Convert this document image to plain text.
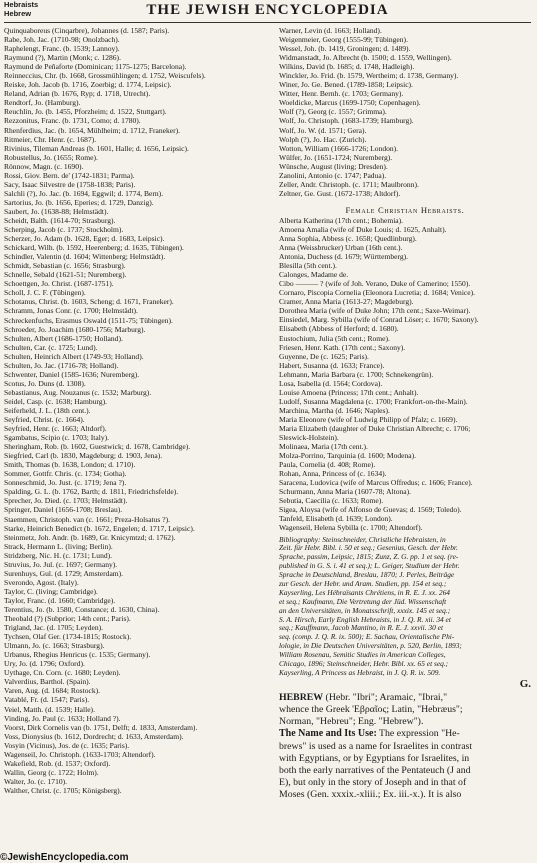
Hebraists
Hebrew	THE JEWISH ENCYCLOPEDIA
Quinquaboreus (Cinqarbre), Johannes (d. 1587; Paris).
Rabe, Joh. Jac. (1710-98; Onolzbach).
Raphelengt, Franc. (b. 1539; Lannoy).
Raymund (?), Martin (Monk; c. 1286).
Raymund de Peñaforte (Dominican; 1175-1275; Barcelona).
Reinneccius, Chr. (b. 1668, Grossmühlingen; d. 1752, Weiscufels).
Reiske, Joh. Jacob (b. 1716, Zoerbig; d. 1774, Leipsic).
Reland, Adrian (b. 1676, Ryp; d. 1718, Utrecht).
Rendtorf, Jo. (Hamburg).
Reuchlin, Jo. (b. 1455, Pforzheim; d. 1522, Stuttgart).
Rezzonitus, Franc. (b. 1731, Como; d. 1780).
Rhenferdius, Jac. (b. 1654, Mühlheim; d. 1712, Franeker).
Ritmeier, Chr. Henr. (c. 1687).
Rivinius, Tileman Andreas (b. 1601, Halle; d. 1656, Leipsic).
Robustellus, Jo. (1655; Rome).
Rönnow, Magn. (c. 1690).
Rossi, Giov. Bern. de' (1742-1831; Parma).
Sacy, Isaac Silvestre de (1758-1838; Paris).
Salchli (?), Jo. Jac. (b. 1694, Eggwil; d. 1774, Bern).
Sartorius, Jo. (b. 1656, Eperies; d. 1729, Danzig).
Saubert, Jo. (1638-88; Helmstädt).
Scheidt, Balth. (1614-70; Strasburg).
Scherping, Jacob (c. 1737; Stockholm).
Scherzer, Jo. Adam (b. 1628, Eger; d. 1683, Leipsic).
Schickard, Wilh. (b. 1592, Heerenberg; d. 1635, Tübingen).
Schindler, Valentin (d. 1604; Wittenberg; Helmstädt).
Schmidt, Sebastian (c. 1656; Strasburg).
Schnelle, Sebald (1621-51; Nuremberg).
Schoettgen, Jo. Christ. (1687-1751).
Scholl, J. C. F. (Tübingen).
Schotanus, Christ. (b. 1603, Scheng; d. 1671, Franeker).
Schramm, Jonas Conr. (c. 1700; Helmstädt).
Schreckenfuchs, Erasmus Oswald (1511-75; Tübingen).
Schroeder, Jo. Joachim (1680-1756; Marburg).
Schulten, Albert (1686-1750; Holland).
Schulten, Car. (c. 1725; Lund).
Schulten, Heinrich Albert (1749-93; Holland).
Schulten, Jo. Jac. (1716-78; Holland).
Schwenter, Daniel (1585-1636; Nuremberg).
Scotus, Jo. Duns (d. 1308).
Sebastianus, Aug. Nouzanus (c. 1532; Marburg).
Seidel, Casp. (c. 1638; Hamburg).
Seiferheld, J. L. (18th cent.).
Seyfried, Christ. (c. 1664).
Seyfried, Henr. (c. 1663; Altdorf).
Sgambatus, Scipio (c. 1703; Italy).
Sheringham, Rob. (b. 1602, Guestwick; d. 1678, Cambridge).
Siegfried, Carl (b. 1830, Magdeburg; d. 1903, Jena).
Smith, Thomas (b. 1638, London; d. 1710).
Sommer, Gottfr. Chris. (c. 1734; Gotha).
Sonneschmid, Jo. Just. (c. 1719; Jena ?).
Spalding, G. L. (b. 1762, Barth; d. 1811, Friedrichsfelde).
Sprecher, Jo. Died. (c. 1703; Helmstädt).
Springer, Daniel (1656-1708; Breslau).
Staemmen, Christoph. van (c. 1661; Preza-Holsatus ?).
Starke, Heinrich Benedict (b. 1672, Engelen; d. 1717, Leipsic).
Steinmetz, Joh. Andr. (b. 1689, Gr. Knicymtzd; d. 1762).
Strack, Hermann L. (living; Berlin).
Stridzberg, Nic. H. (c. 1731; Lund).
Struvius, Jo. Jul. (c. 1697; Germany).
Surenhuys, Gul. (d. 1729; Amsterdam).
Sverondo, Agost. (Italy).
Taylor, C. (living; Cambridge).
Taylor, Franc. (d. 1660; Cambridge).
Terentius, Jo. (b. 1580, Constance; d. 1630, China).
Theobald (?) (Subprior; 14th cent.; Paris).
Trigland, Jac. (d. 1705; Leyden).
Tychsen, Olaf Ger. (1734-1815; Rostock).
Ulmann, Jo. (c. 1663; Strasburg).
Urbanus, Rhegius Henricus (c. 1535; Germany).
Ury, Jo. (d. 1796; Oxford).
Uythage, Cn. Corn. (c. 1680; Leyden).
Valverdius, Barthol. (Spain).
Varen, Aug. (d. 1684; Rostock).
Vatablé, Fr. (d. 1547; Paris).
Veiel, Matth. (d. 1539; Halle).
Vinding, Jo. Paul (c. 1633; Holland ?).
Voorst, Dirk Cornelis van (b. 1751, Delft; d. 1833, Amsterdam).
Voss, Dionysius (b. 1612, Dordrecht; d. 1633, Amsterdam).
Vosyin (Vicinus), Jos. de (c. 1635; Paris).
Wagenseil, Jo. Christoph. (1633-1703; Altendorf).
Wakefield, Rob. (d. 1537; Oxford).
Wallin, Georg (c. 1722; Holm).
Walter, Jo. (c. 1710).
Walther, Christ. (c. 1705; Königsberg).
Warner, Levin (d. 1663; Holland).
Weigenmeier, Georg (1555-99; Tübingen).
Wessel, Joh. (b. 1419, Groningen; d. 1489).
Widmanstadt, Jo. Albrecht (b. 1500; d. 1559, Wellingen).
Wilkins, David (b. 1685; d. 1748, Hadleigh).
Winckler, Jo. Frid. (b. 1579, Wertheim; d. 1738, Germany).
Winer, Jo. Ge. Bened. (1789-1858; Leipsic).
Witter, Henr. Bernh. (c. 1703; Germany).
Woeldicke, Marcus (1699-1750; Copenhagen).
Wolf (?), Georg (c. 1557; Grimma).
Wolf, Jo. Christoph. (1683-1739; Hamburg).
Wolf, Jo. W. (d. 1571; Gera).
Wolph (?), Jo. Hac. (Zurich).
Wotton, William (1666-1726; London).
Wülfer, Jo. (1651-1724; Nuremberg).
Wünsche, August (living; Dresden).
Zanolini, Antonio (c. 1747; Padua).
Zeller, Andr. Christoph. (c. 1711; Maulbronn).
Zeltner, Ge. Gust. (1672-1738; Altdorf).
Female Christian Hebraists.
Alberta Katherina (17th cent.; Bohemia).
Amoena Amalia (wife of Duke Louis; d. 1625, Anhalt).
Anna Sophia, Abbess (c. 1658; Quedlinburg).
Anna (Weissbrucker) Urban (16th cent.).
Antonia, Duchess (d. 1679; Württemberg).
Blesilla (5th cent.).
Calonges, Madame de.
Cibo ——— ? (wife of Joh. Verano, Duke of Camerino; 1550).
Cornaro, Piscopia Cornelia (Eleonora Lucretia; d. 1684; Venice).
Cramer, Anna Maria (1613-27; Magdeburg).
Dorothea Maria (wife of Duke John; 17th cent.; Saxe-Weimar).
Einsiedel, Marg. Sybilla (wife of Conrad Löser; c. 1670; Saxony).
Elisabeth (Abbess of Herford; d. 1680).
Eustochium, Julia (5th cent.; Rome).
Friesen, Henr. Kath. (17th cent.; Saxony).
Guyenne, De (c. 1625; Paris).
Habert, Susanna (d. 1633; France).
Lehmann, Maria Barbara (c. 1700; Schnekengrün).
Losa, Isabella (d. 1564; Cordova).
Louise Amoena (Princess; 17th cent.; Anhalt).
Ludolf, Susanna Magdalena (c. 1700; Frankfort-on-the-Main).
Marchina, Martha (d. 1646; Naples).
Maria Eleonore (wife of Ludwig Philipp of Pfalz; c. 1669).
Maria Elizabeth (daughter of Duke Christian Albrecht; c. 1706;
Sleswick-Holstein).
Molinaea, Maria (17th cent.).
Molza-Porrino, Tarquinia (d. 1600; Modena).
Paula, Cornelia (d. 408; Rome).
Rohan, Anna, Princess of (c. 1634).
Saracena, Ludovica (wife of Marcus Offredus; c. 1606; France).
Schurmann, Anna Maria (1607-78; Altona).
Sebutia, Caecilia (c. 1633; Rome).
Sigea, Aloysa (wife of Alfonso de Guevas; d. 1569; Toledo).
Tanfeld, Elisabeth (d. 1639; London).
Wagenseil, Helena Sybilla (c. 1700; Altendorf).
Bibliography: Steinschneider, Christliche Hebraisten, in
Zeit. für Hebr. Bibl. i. 50 et seq.; Gesenius, Gesch. der Hebr.
Sprache, passim, Leipsic, 1815; Zunz, Z. G. pp. 1 et seq. (re-
published in G. S. i. 41 et seq.); L. Geiger, Studium der Hebr.
Sprache in Deutschland, Breslau, 1870; J. Perles, Beiträge
zur Gesch. der Hebr. und Aram. Studien, pp. 154 et seq.;
Kayserling, Les Hébraïsants Chrétiens, in R. E. J. xx. 264
et seq.; Kaufmann, Die Vertretung der Jüd. Wissenschaft
an den Universitäten, in Monatsschrift, xxxix. 145 et seq.;
S. A. Hirsch, Early English Hebraists, in J. Q. R. xii. 34 et
seq.; Kauffmann, Jacob Mantino, in R. E. J. xxvii. 30 et
seq. (comp. J. Q. R. ix. 500); E. Sachau, Orientalische Phi-
lologie, in Die Deutschen Universitäten, p. 520, Berlin, 1893;
William Rosenau, Semitic Studies in American Colleges,
Chicago, 1896; Steinschneider, Hebr. Bibl. xx. 65 et seq.;
Kayserling, A Princess as Hebraist, in J. Q. R. ix. 509.
G.
HEBREW (Hebr. "Ibri"; Aramaic, "Ibrai,"
whence the Greek 'Εβραῖος; Latin, "Hebræus";
Norman, "Hebreu"; Eng. "Hebrew").
The Name and Its Use: The expression "He-
brews" is used as a name for Israelites in contrast
with Egyptians, or by Egyptians for Israelites, in
both the early narratives of the Pentateuch (J and
E), but only in the story of Joseph and in that of
Moses (Gen. xxxix.-xliii.; Ex. iii.-x.). It is also
©JewishEncyclopedia.com
